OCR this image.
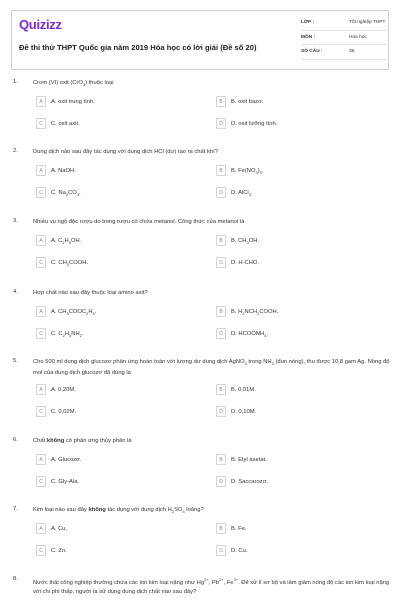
Quizizz
Đề thi thử THPT Quốc gia năm 2019 Hóa học có lời giải (Đề số 20)
LỚP :	Tốt nghiệp THPT
MÔN :	Hóa học
SỐ CÂU :	36
1.	Crom (VI) oxit (CrO$_3$) thuộc loại
A	A. oxit trung tính.	B	B. oxit bazơ.
C	C. oxit axit.	D	D. oxit lưỡng tính.
2.	Dung dịch nào sau đây tác dụng với dung dịch HCl (dư) tạo ra chất khí?
A	A. NaOH.	B	B. $Fe(NO_3)_3$.
C	C. $Na_2CO_3$.	D	D. AlCl$_3$.
3.	Nhiều vụ ngộ độc rượu do trong rượu có chứa metanol. Công thức của metanol là
A	A. $C_2H_5OH$.	B	B. $CH_3OH$.
C	C. $CH_3COOH$.	D	D. H-CHO.
4.	Hợp chất nào sau đây thuộc loại amino axit?
A	A. $CH_3COOC_2H_5$.	B	B. $H_2NCH_2COOH$.
C	C. $C_2H_5NH_2$.	D	D. $HCOONH_4$.
5.	Cho 500 ml dung dịch glucozơ phản ứng hoàn toàn với lượng dư dung dịch AgNO$_3$ trong $NH_3$ (đun nóng), thu được 10,8 gam Ag. Nồng độ mol của dung dịch glucozơ đã dùng là
A	A. 0,20M.	B	B. 0,01M.
C	C. 0,02M.	D	D. 0,10M.
6.	Chất không có phản ứng thủy phân là
A	A. Glucozơ.	B	B. Etyl axetat.
C	C. Gly-Ala.	D	D. Saccarozơ.
7.	Kim loại nào sau đây không tác dụng với dung dịch $H_2SO_4$ loãng?
A	A. Cu.	B	B. Fe.
C	C. Zn.	D	D. Cu.
8.
Nước thải công nghiệp thường chứa các ion kim loại nặng như $Hg^{2+}$, $Pb^{2+}$, $Fe^{3+}$. Để xử lí sơ bộ và làm giảm nồng độ các ion kim loại nặng với chi phí thấp, người ta sử dụng dung dịch chất nào sau đây?
